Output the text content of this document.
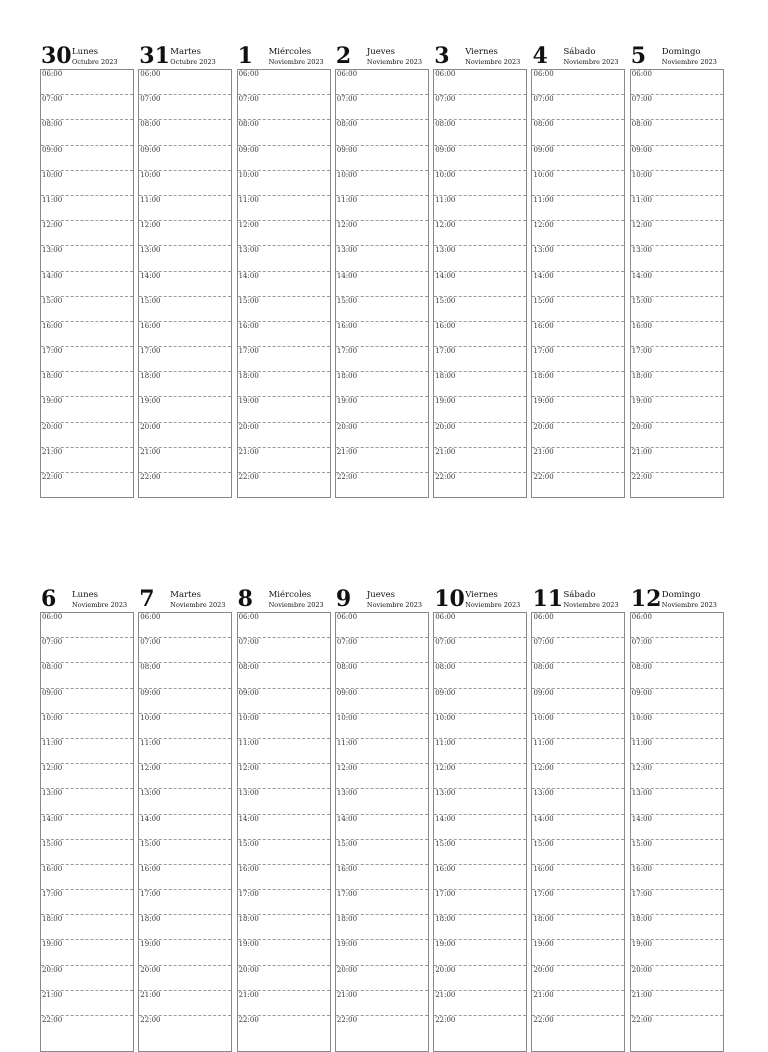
30 Lunes
Octubre 2023
06:00
07:00
08:00
09:00
10:00
11:00
12:00
13:00
14:00
15:00
16:00
17:00
18:00
19:00
20:00
21:00
22:00
31 Martes
Octubre 2023
06:00
07:00
08:00
09:00
10:00
11:00
12:00
13:00
14:00
15:00
16:00
17:00
18:00
19:00
20:00
21:00
22:00
1 Miércoles
Noviembre 2023
06:00
07:00
08:00
09:00
10:00
11:00
12:00
13:00
14:00
15:00
16:00
17:00
18:00
19:00
20:00
21:00
22:00
2 Jueves
Noviembre 2023
06:00
07:00
08:00
09:00
10:00
11:00
12:00
13:00
14:00
15:00
16:00
17:00
18:00
19:00
20:00
21:00
22:00
3 Viernes
Noviembre 2023
06:00
07:00
08:00
09:00
10:00
11:00
12:00
13:00
14:00
15:00
16:00
17:00
18:00
19:00
20:00
21:00
22:00
4 Sábado
Noviembre 2023
06:00
07:00
08:00
09:00
10:00
11:00
12:00
13:00
14:00
15:00
16:00
17:00
18:00
19:00
20:00
21:00
22:00
5 Domingo
Noviembre 2023
06:00
07:00
08:00
09:00
10:00
11:00
12:00
13:00
14:00
15:00
16:00
17:00
18:00
19:00
20:00
21:00
22:00
6 Lunes
Noviembre 2023
06:00
07:00
08:00
09:00
10:00
11:00
12:00
13:00
14:00
15:00
16:00
17:00
18:00
19:00
20:00
21:00
22:00
7 Martes
Noviembre 2023
06:00
07:00
08:00
09:00
10:00
11:00
12:00
13:00
14:00
15:00
16:00
17:00
18:00
19:00
20:00
21:00
22:00
8 Miércoles
Noviembre 2023
06:00
07:00
08:00
09:00
10:00
11:00
12:00
13:00
14:00
15:00
16:00
17:00
18:00
19:00
20:00
21:00
22:00
9 Jueves
Noviembre 2023
06:00
07:00
08:00
09:00
10:00
11:00
12:00
13:00
14:00
15:00
16:00
17:00
18:00
19:00
20:00
21:00
22:00
10 Viernes
Noviembre 2023
06:00
07:00
08:00
09:00
10:00
11:00
12:00
13:00
14:00
15:00
16:00
17:00
18:00
19:00
20:00
21:00
22:00
11 Sábado
Noviembre 2023
06:00
07:00
08:00
09:00
10:00
11:00
12:00
13:00
14:00
15:00
16:00
17:00
18:00
19:00
20:00
21:00
22:00
12 Domingo
Noviembre 2023
06:00
07:00
08:00
09:00
10:00
11:00
12:00
13:00
14:00
15:00
16:00
17:00
18:00
19:00
20:00
21:00
22:00
